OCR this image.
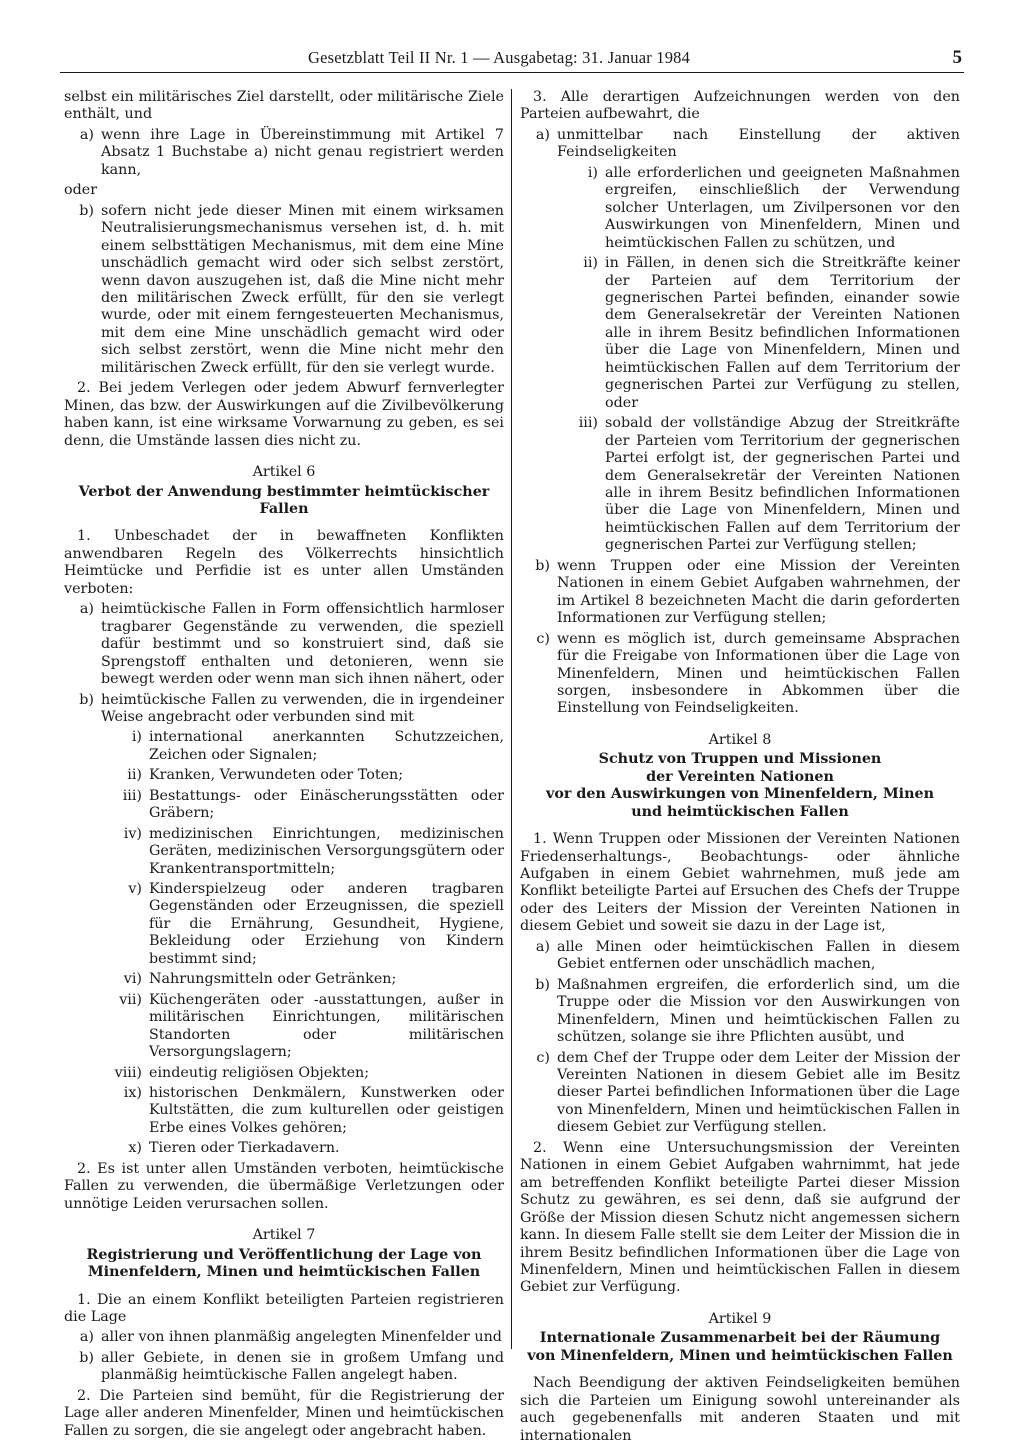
Gesetzblatt Teil II Nr. 1 — Ausgabetag: 31. Januar 1984	5

selbst ein militärisches Ziel darstellt, oder militärische Ziele enthält, und

a) wenn ihre Lage in Übereinstimmung mit Artikel 7 Absatz 1 Buchstabe a) nicht genau registriert werden kann,

oder

b) sofern nicht jede dieser Minen mit einem wirksamen Neutralisierungsmechanismus versehen ist, d. h. mit einem selbsttätigen Mechanismus, mit dem eine Mine unschädlich gemacht wird oder sich selbst zerstört, wenn davon auszugehen ist, daß die Mine nicht mehr den militärischen Zweck erfüllt, für den sie verlegt wurde, oder mit einem ferngesteuerten Mechanismus, mit dem eine Mine unschädlich gemacht wird oder sich selbst zerstört, wenn die Mine nicht mehr den militärischen Zweck erfüllt, für den sie verlegt wurde.

2. Bei jedem Verlegen oder jedem Abwurf fernverlegter Minen, das bzw. der Auswirkungen auf die Zivilbevölkerung haben kann, ist eine wirksame Vorwarnung zu geben, es sei denn, die Umstände lassen dies nicht zu.

Artikel 6
Verbot der Anwendung bestimmter heimtückischer Fallen

1. Unbeschadet der in bewaffneten Konflikten anwendbaren Regeln des Völkerrechts hinsichtlich Heimtücke und Perfidie ist es unter allen Umständen verboten:

a) heimtückische Fallen in Form offensichtlich harmloser tragbarer Gegenstände zu verwenden, die speziell dafür bestimmt und so konstruiert sind, daß sie Sprengstoff enthalten und detonieren, wenn sie bewegt werden oder wenn man sich ihnen nähert, oder
b) heimtückische Fallen zu verwenden, die in irgendeiner Weise angebracht oder verbunden sind mit
i) international anerkannten Schutzzeichen, Zeichen oder Signalen;
ii) Kranken, Verwundeten oder Toten;
iii) Bestattungs- oder Einäscherungsstätten oder Gräbern;
iv) medizinischen Einrichtungen, medizinischen Geräten, medizinischen Versorgungsgütern oder Krankentransportmitteln;
v) Kinderspielzeug oder anderen tragbaren Gegenständen oder Erzeugnissen, die speziell für die Ernährung, Gesundheit, Hygiene, Bekleidung oder Erziehung von Kindern bestimmt sind;
vi) Nahrungsmitteln oder Getränken;
vii) Küchengeräten oder -ausstattungen, außer in militärischen Einrichtungen, militärischen Standorten oder militärischen Versorgungslagern;
viii) eindeutig religiösen Objekten;
ix) historischen Denkmälern, Kunstwerken oder Kultstätten, die zum kulturellen oder geistigen Erbe eines Volkes gehören;
x) Tieren oder Tierkadavern.

2. Es ist unter allen Umständen verboten, heimtückische Fallen zu verwenden, die übermäßige Verletzungen oder unnötige Leiden verursachen sollen.

Artikel 7
Registrierung und Veröffentlichung der Lage von Minenfeldern, Minen und heimtückischen Fallen

1. Die an einem Konflikt beteiligten Parteien registrieren die Lage

a) aller von ihnen planmäßig angelegten Minenfelder und
b) aller Gebiete, in denen sie in großem Umfang und planmäßig heimtückische Fallen angelegt haben.

2. Die Parteien sind bemüht, für die Registrierung der Lage aller anderen Minenfelder, Minen und heimtückischen Fallen zu sorgen, die sie angelegt oder angebracht haben.

3. Alle derartigen Aufzeichnungen werden von den Parteien aufbewahrt, die

a) unmittelbar nach Einstellung der aktiven Feindseligkeiten
i) alle erforderlichen und geeigneten Maßnahmen ergreifen, einschließlich der Verwendung solcher Unterlagen, um Zivilpersonen vor den Auswirkungen von Minenfeldern, Minen und heimtückischen Fallen zu schützen, und
ii) in Fällen, in denen sich die Streitkräfte keiner der Parteien auf dem Territorium der gegnerischen Partei befinden, einander sowie dem Generalsekretär der Vereinten Nationen alle in ihrem Besitz befindlichen Informationen über die Lage von Minenfeldern, Minen und heimtückischen Fallen auf dem Territorium der gegnerischen Partei zur Verfügung zu stellen, oder
iii) sobald der vollständige Abzug der Streitkräfte der Parteien vom Territorium der gegnerischen Partei erfolgt ist, der gegnerischen Partei und dem Generalsekretär der Vereinten Nationen alle in ihrem Besitz befindlichen Informationen über die Lage von Minenfeldern, Minen und heimtückischen Fallen auf dem Territorium der gegnerischen Partei zur Verfügung stellen;
b) wenn Truppen oder eine Mission der Vereinten Nationen in einem Gebiet Aufgaben wahrnehmen, der im Artikel 8 bezeichneten Macht die darin geforderten Informationen zur Verfügung stellen;
c) wenn es möglich ist, durch gemeinsame Absprachen für die Freigabe von Informationen über die Lage von Minenfeldern, Minen und heimtückischen Fallen sorgen, insbesondere in Abkommen über die Einstellung von Feindseligkeiten.
Artikel 8
Schutz von Truppen und Missionen
der Vereinten Nationen
vor den Auswirkungen von Minenfeldern, Minen
und heimtückischen Fallen

1. Wenn Truppen oder Missionen der Vereinten Nationen Friedenserhaltungs-, Beobachtungs- oder ähnliche Aufgaben in einem Gebiet wahrnehmen, muß jede am Konflikt beteiligte Partei auf Ersuchen des Chefs der Truppe oder des Leiters der Mission der Vereinten Nationen in diesem Gebiet und soweit sie dazu in der Lage ist,

a) alle Minen oder heimtückischen Fallen in diesem Gebiet entfernen oder unschädlich machen,
b) Maßnahmen ergreifen, die erforderlich sind, um die Truppe oder die Mission vor den Auswirkungen von Minenfeldern, Minen und heimtückischen Fallen zu schützen, solange sie ihre Pflichten ausübt, und
c) dem Chef der Truppe oder dem Leiter der Mission der Vereinten Nationen in diesem Gebiet alle im Besitz dieser Partei befindlichen Informationen über die Lage von Minenfeldern, Minen und heimtückischen Fallen in diesem Gebiet zur Verfügung stellen.

2. Wenn eine Untersuchungsmission der Vereinten Nationen in einem Gebiet Aufgaben wahrnimmt, hat jede am betreffenden Konflikt beteiligte Partei dieser Mission Schutz zu gewähren, es sei denn, daß sie aufgrund der Größe der Mission diesen Schutz nicht angemessen sichern kann. In diesem Falle stellt sie dem Leiter der Mission die in ihrem Besitz befindlichen Informationen über die Lage von Minenfeldern, Minen und heimtückischen Fallen in diesem Gebiet zur Verfügung.

Artikel 9
Internationale Zusammenarbeit bei der Räumung
von Minenfeldern, Minen und heimtückischen Fallen

Nach Beendigung der aktiven Feindseligkeiten bemühen sich die Parteien um Einigung sowohl untereinander als auch gegebenenfalls mit anderen Staaten und mit internationalen
